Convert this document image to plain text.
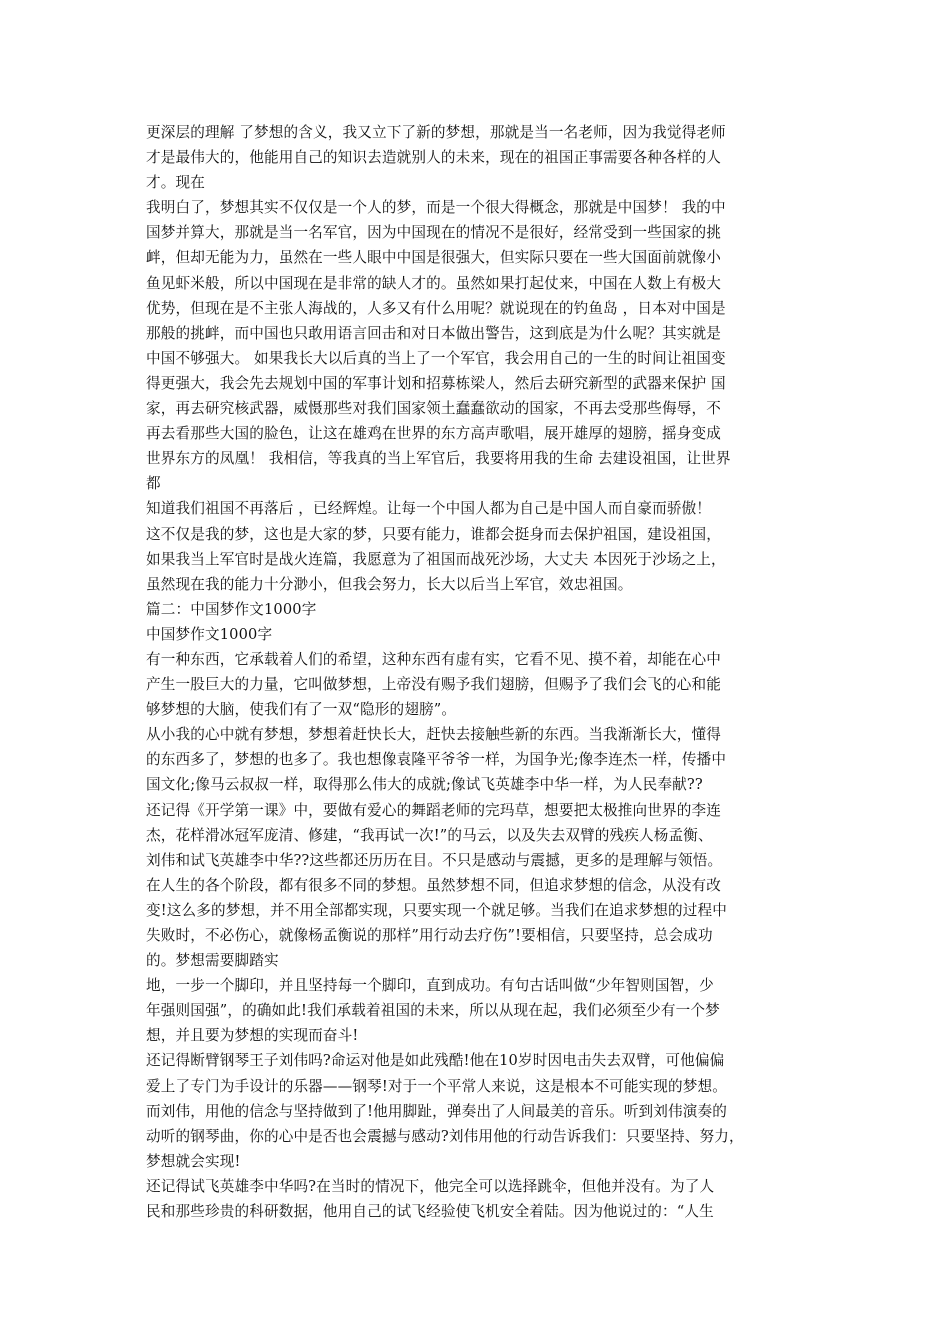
更深层的理解 了梦想的含义，我又立下了新的梦想，那就是当一名老师，因为我觉得老师
才是最伟大的，他能用自己的知识去造就别人的未来，现在的祖国正事需要各种各样的人
才。现在
我明白了，梦想其实不仅仅是一个人的梦，而是一个很大得概念，那就是中国梦！ 我的中
国梦并算大，那就是当一名军官，因为中国现在的情况不是很好，经常受到一些国家的挑
衅，但却无能为力，虽然在一些人眼中中国是很强大，但实际只要在一些大国面前就像小
鱼见虾米般，所以中国现在是非常的缺人才的。虽然如果打起仗来，中国在人数上有极大
优势，但现在是不主张人海战的，人多又有什么用呢？就说现在的钓鱼岛 ，日本对中国是
那般的挑衅，而中国也只敢用语言回击和对日本做出警告，这到底是为什么呢？其实就是
中国不够强大。 如果我长大以后真的当上了一个军官，我会用自己的一生的时间让祖国变
得更强大，我会先去规划中国的军事计划和招募栋梁人，然后去研究新型的武器来保护 国
家，再去研究核武器，威慑那些对我们国家领土蠢蠢欲动的国家，不再去受那些侮辱，不
再去看那些大国的脸色，让这在雄鸡在世界的东方高声歌唱，展开雄厚的翅膀，摇身变成
世界东方的凤凰！ 我相信，等我真的当上军官后，我要将用我的生命 去建设祖国，让世界
都
知道我们祖国不再落后 ，已经辉煌。让每一个中国人都为自己是中国人而自豪而骄傲！
这不仅是我的梦，这也是大家的梦，只要有能力，谁都会挺身而去保护祖国，建设祖国，
如果我当上军官时是战火连篇，我愿意为了祖国而战死沙场，大丈夫 本因死于沙场之上，
虽然现在我的能力十分渺小，但我会努力，长大以后当上军官，效忠祖国。
篇二：中国梦作文1000字
中国梦作文1000字
有一种东西，它承载着人们的希望，这种东西有虚有实，它看不见、摸不着，却能在心中
产生一股巨大的力量，它叫做梦想，上帝没有赐予我们翅膀，但赐予了我们会飞的心和能
够梦想的大脑，使我们有了一双“隐形的翅膀”。
从小我的心中就有梦想，梦想着赶快长大，赶快去接触些新的东西。当我渐渐长大，懂得
的东西多了，梦想的也多了。我也想像袁隆平爷爷一样，为国争光;像李连杰一样，传播中
国文化;像马云叔叔一样，取得那么伟大的成就;像试飞英雄李中华一样，为人民奉献??
还记得《开学第一课》中，要做有爱心的舞蹈老师的完玛草，想要把太极推向世界的李连
杰，花样滑冰冠军庞清、修建，“我再试一次!”的马云，以及失去双臂的残疾人杨孟衡、
刘伟和试飞英雄李中华??这些都还历历在目。不只是感动与震撼，更多的是理解与领悟。
在人生的各个阶段，都有很多不同的梦想。虽然梦想不同，但追求梦想的信念，从没有改
变!这么多的梦想，并不用全部都实现，只要实现一个就足够。当我们在追求梦想的过程中
失败时，不必伤心，就像杨孟衡说的那样”用行动去疗伤”!要相信，只要坚持，总会成功
的。梦想需要脚踏实
地，一步一个脚印，并且坚持每一个脚印，直到成功。有句古话叫做“少年智则国智，少
年强则国强”，的确如此!我们承载着祖国的未来，所以从现在起，我们必须至少有一个梦
想，并且要为梦想的实现而奋斗!
还记得断臂钢琴王子刘伟吗?命运对他是如此残酷!他在10岁时因电击失去双臂，可他偏偏
爱上了专门为手设计的乐器——钢琴!对于一个平常人来说，这是根本不可能实现的梦想。
而刘伟，用他的信念与坚持做到了!他用脚趾，弹奏出了人间最美的音乐。听到刘伟演奏的
动听的钢琴曲，你的心中是否也会震撼与感动?刘伟用他的行动告诉我们：只要坚持、努力，
梦想就会实现!
还记得试飞英雄李中华吗?在当时的情况下，他完全可以选择跳伞，但他并没有。为了人
民和那些珍贵的科研数据，他用自己的试飞经验使飞机安全着陆。因为他说过的：“人生
